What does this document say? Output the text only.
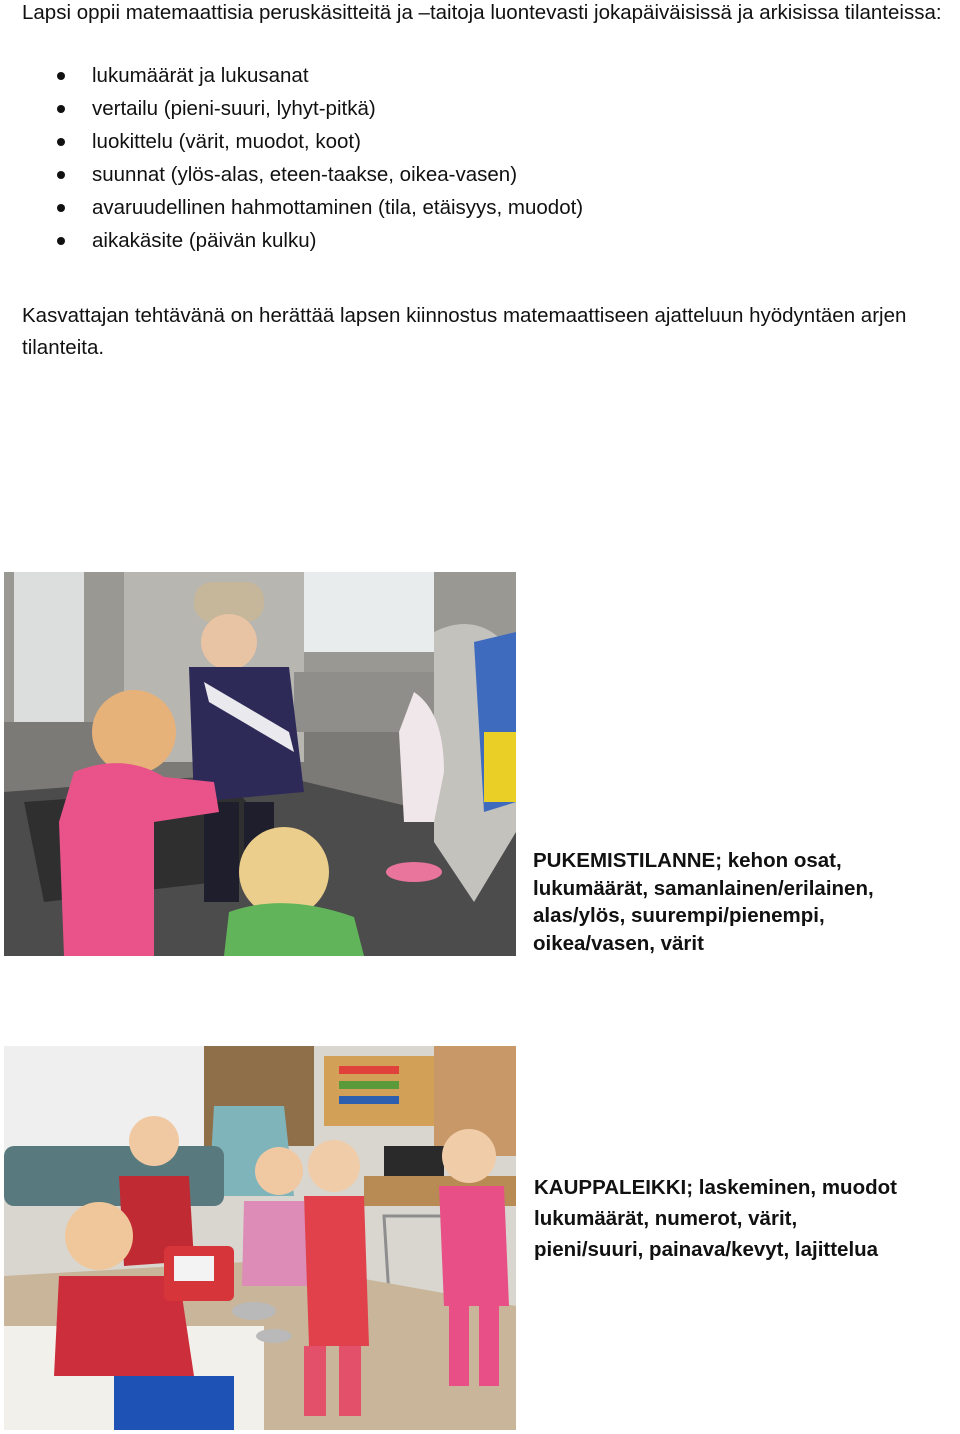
Lapsi oppii matemaattisia peruskäsitteitä ja –taitoja luontevasti jokapäiväisissä ja arkisissa tilanteissa:

lukumäärät ja lukusanat
vertailu (pieni-suuri, lyhyt-pitkä)
luokittelu (värit, muodot, koot)
suunnat (ylös-alas, eteen-taakse, oikea-vasen)
avaruudellinen hahmottaminen (tila, etäisyys, muodot)
aikakäsite (päivän kulku)

Kasvattajan tehtävänä on herättää lapsen kiinnostus matemaattiseen ajatteluun hyödyntäen arjen tilanteita.

PUKEMISTILANNE; kehon osat,
lukumäärät, samanlainen/erilainen,
alas/ylös, suurempi/pienempi,
oikea/vasen, värit

KAUPPALEIKKI; laskeminen, muodot
lukumäärät, numerot, värit,
pieni/suuri, painava/kevyt, lajittelua
